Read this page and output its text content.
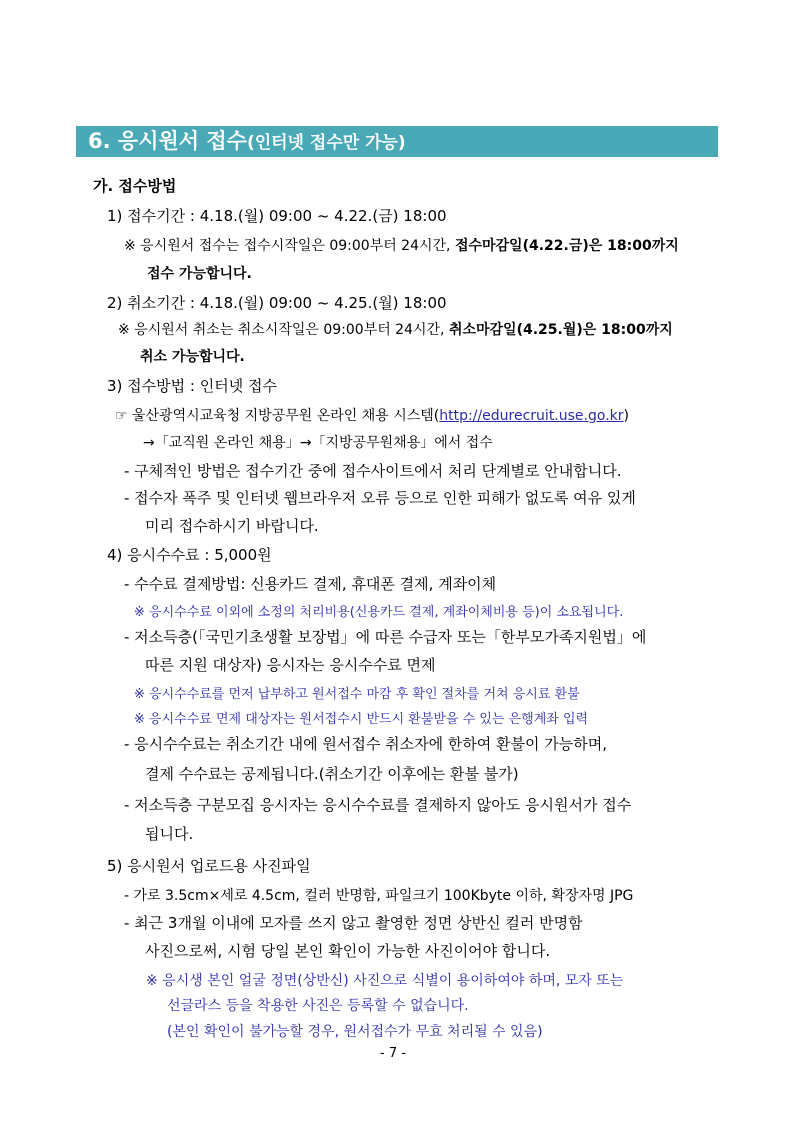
6. 응시원서 접수(인터넷 접수만 가능)
가. 접수방법
1) 접수기간 : 4.18.(월) 09:00 ~ 4.22.(금) 18:00
※ 응시원서 접수는 접수시작일은 09:00부터 24시간, 접수마감일(4.22.금)은 18:00까지
접수 가능합니다.
2) 취소기간 : 4.18.(월) 09:00 ~ 4.25.(월) 18:00
※ 응시원서 취소는 취소시작일은 09:00부터 24시간, 취소마감일(4.25.월)은 18:00까지
취소 가능합니다.
3) 접수방법 : 인터넷 접수
☞ 울산광역시교육청 지방공무원 온라인 채용 시스템(http://edurecruit.use.go.kr)
→「교직원 온라인 채용」→「지방공무원채용」에서 접수
- 구체적인 방법은 접수기간 중에 접수사이트에서 처리 단계별로 안내합니다.
- 접수자 폭주 및 인터넷 웹브라우저 오류 등으로 인한 피해가 없도록 여유 있게
미리 접수하시기 바랍니다.
4) 응시수수료 : 5,000원
- 수수료 결제방법: 신용카드 결제, 휴대폰 결제, 계좌이체
※ 응시수수료 이외에 소정의 처리비용(신용카드 결제, 계좌이체비용 등)이 소요됩니다.
- 저소득층(「국민기초생활 보장법」에 따른 수급자 또는「한부모가족지원법」에
따른 지원 대상자) 응시자는 응시수수료 면제
※ 응시수수료를 먼저 납부하고 원서접수 마감 후 확인 절차를 거쳐 응시료 환불
※ 응시수수료 면제 대상자는 원서접수시 반드시 환불받을 수 있는 은행계좌 입력
- 응시수수료는 취소기간 내에 원서접수 취소자에 한하여 환불이 가능하며,
결제 수수료는 공제됩니다.(취소기간 이후에는 환불 불가)
- 저소득층 구분모집 응시자는 응시수수료를 결제하지 않아도 응시원서가 접수
됩니다.
5) 응시원서 업로드용 사진파일
- 가로 3.5cm×세로 4.5cm, 컬러 반명함, 파일크기 100Kbyte 이하, 확장자명 JPG
- 최근 3개월 이내에 모자를 쓰지 않고 촬영한 정면 상반신 컬러 반명함
사진으로써, 시험 당일 본인 확인이 가능한 사진이어야 합니다.
※ 응시생 본인 얼굴 정면(상반신) 사진으로 식별이 용이하여야 하며, 모자 또는
선글라스 등을 착용한 사진은 등록할 수 없습니다.
(본인 확인이 불가능할 경우, 원서접수가 무효 처리될 수 있음)
- 7 -
